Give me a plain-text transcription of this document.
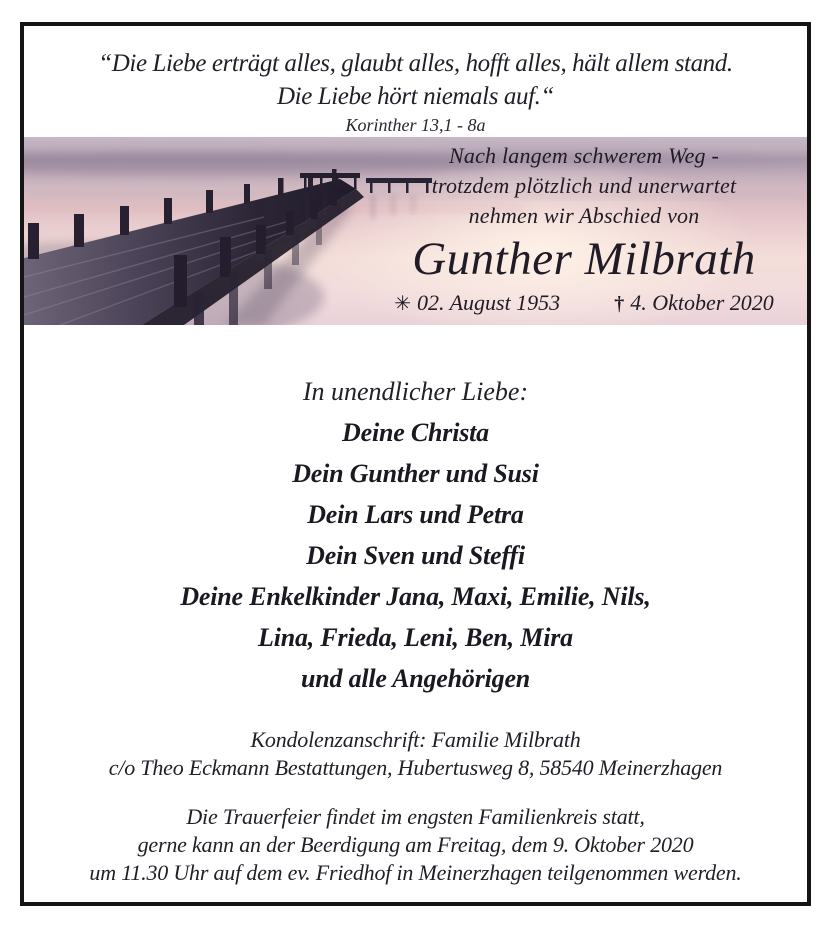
“Die Liebe erträgt alles, glaubt alles, hofft alles, hält allem stand.
Die Liebe hört niemals auf.“
Korinther 13,1 - 8a
Nach langem schwerem Weg -
trotzdem plötzlich und unerwartet
nehmen wir Abschied von
Gunther Milbrath
✳ 02. August 1953	† 4. Oktober 2020
In unendlicher Liebe:
Deine Christa
Dein Gunther und Susi
Dein Lars und Petra
Dein Sven und Steffi
Deine Enkelkinder Jana, Maxi, Emilie, Nils,
Lina, Frieda, Leni, Ben, Mira
und alle Angehörigen
Kondolenzanschrift: Familie Milbrath
c/o Theo Eckmann Bestattungen, Hubertusweg 8, 58540 Meinerzhagen
Die Trauerfeier findet im engsten Familienkreis statt,
gerne kann an der Beerdigung am Freitag, dem 9. Oktober 2020
um 11.30 Uhr auf dem ev. Friedhof in Meinerzhagen teilgenommen werden.
